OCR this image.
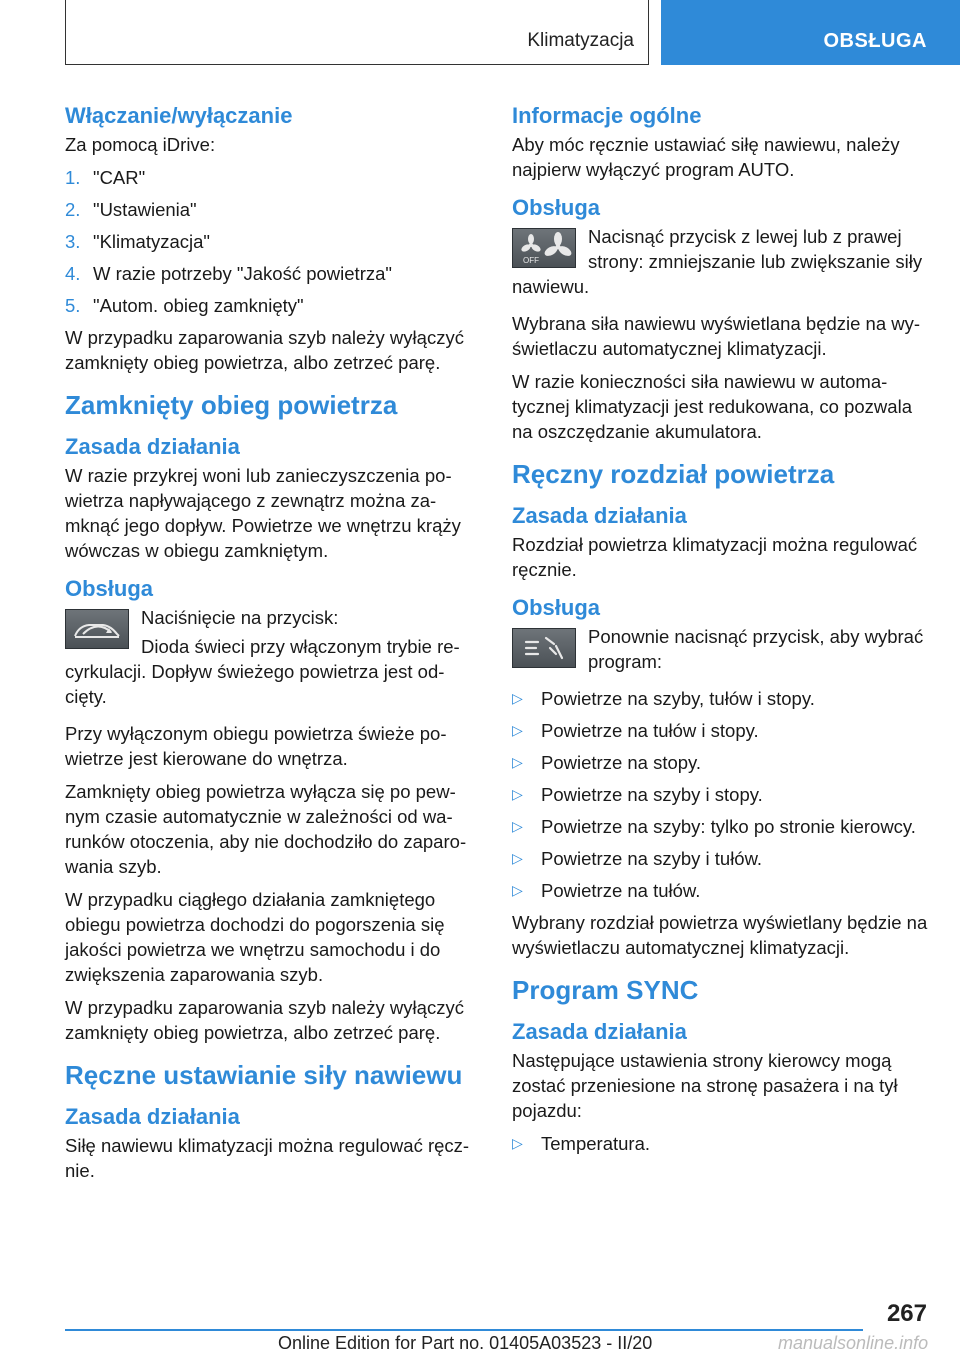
Klimatyzacja	OBSŁUGA
Włączanie/wyłączanie

Za pomocą iDrive:

1. "CAR"
2. "Ustawienia"
3. "Klimatyzacja"
4. W razie potrzeby "Jakość powietrza"
5. "Autom. obieg zamknięty"

W przypadku zaparowania szyb należy wyłączyć zamknięty obieg powietrza, albo zetrzeć parę.

Zamknięty obieg powietrza
Zasada działania

W razie przykrej woni lub zanieczyszczenia powietrza napływającego z zewnątrz można zamknąć jego dopływ. Powietrze we wnętrzu krąży wówczas w obiegu zamkniętym.

Obsługa

Naciśnięcie na przycisk:

Dioda świeci przy włączonym trybie recyrkulacji. Dopływ świeżego powietrza jest odcięty.

Przy wyłączonym obiegu powietrza świeże powietrze jest kierowane do wnętrza.

Zamknięty obieg powietrza wyłącza się po pewnym czasie automatycznie w zależności od warunków otoczenia, aby nie dochodziło do zaparowania szyb.

W przypadku ciągłego działania zamkniętego obiegu powietrza dochodzi do pogorszenia się jakości powietrza we wnętrzu samochodu i do zwiększenia zaparowania szyb.

W przypadku zaparowania szyb należy wyłączyć zamknięty obieg powietrza, albo zetrzeć parę.

Ręczne ustawianie siły nawiewu
Zasada działania

Siłę nawiewu klimatyzacji można regulować ręcznie.

Informacje ogólne

Aby móc ręcznie ustawiać siłę nawiewu, należy najpierw wyłączyć program AUTO.

Obsługa
OFF

Nacisnąć przycisk z lewej lub z prawej strony: zmniejszanie lub zwiększanie siły nawiewu.

Wybrana siła nawiewu wyświetlana będzie na wyświetlaczu automatycznej klimatyzacji.

W razie konieczności siła nawiewu w automatycznej klimatyzacji jest redukowana, co pozwala na oszczędzanie akumulatora.

Ręczny rozdział powietrza
Zasada działania

Rozdział powietrza klimatyzacji można regulować ręcznie.

Obsługa

Ponownie nacisnąć przycisk, aby wybrać program:

▷ Powietrze na szyby, tułów i stopy.
▷ Powietrze na tułów i stopy.
▷ Powietrze na stopy.
▷ Powietrze na szyby i stopy.
▷ Powietrze na szyby: tylko po stronie kierowcy.
▷ Powietrze na szyby i tułów.
▷ Powietrze na tułów.

Wybrany rozdział powietrza wyświetlany będzie na wyświetlaczu automatycznej klimatyzacji.

Program SYNC
Zasada działania

Następujące ustawienia strony kierowcy mogą zostać przeniesione na stronę pasażera i na tył pojazdu:

▷ Temperatura.
267
Online Edition for Part no. 01405A03523 - II/20	manualsonline.info
